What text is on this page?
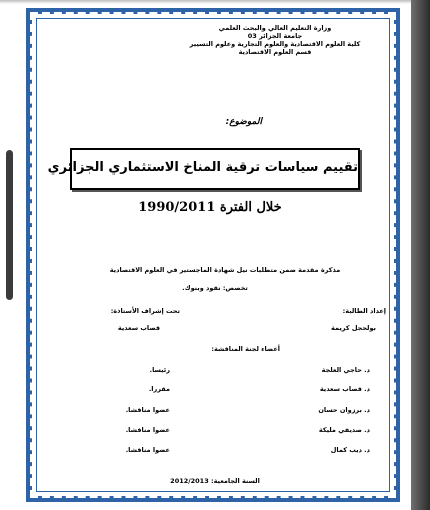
وزارة التعليم العالي والبحث العلمي
جامعة الجزائر 03
كلية العلوم الاقتصادية والعلوم التجارية وعلوم التسيير
قسم العلوم الاقتصادية
الموضوع:
تقييم سياسات ترقية المناخ الاستثماري الجزائري
خلال الفترة 1990/2011
مذكرة مقدمة ضمن متطلبات نيل شهادة الماجستير في العلوم الاقتصادية
تخصص: نقود وبنوك.
إعداد الطالبة:
تحت إشراف الأستاذة:
بولحجل كريمة
قصاب سعدية
أعضاء لجنة المناقشة:
د. حاجي العلجة
رئيسا.
د. قصاب سعدية
مقررا.
د. برزوان حسان
عضوا مناقشا.
د. صديقي مليكة
عضوا مناقشا.
د. ديب كمال
عضوا مناقشا.
السنة الجامعية: 2012/2013
